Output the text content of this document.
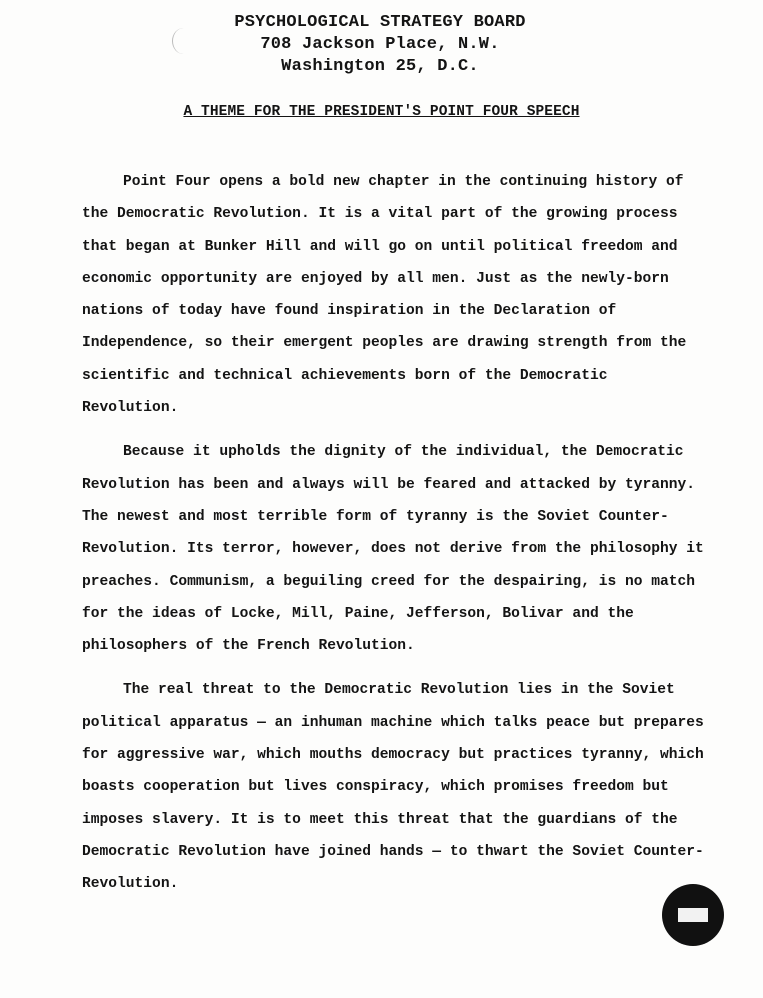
PSYCHOLOGICAL STRATEGY BOARD
708 Jackson Place, N.W.
Washington 25, D.C.
A THEME FOR THE PRESIDENT'S POINT FOUR SPEECH

Point Four opens a bold new chapter in the continuing history of the Democratic Revolution. It is a vital part of the growing process that began at Bunker Hill and will go on until political freedom and economic opportunity are enjoyed by all men. Just as the newly-born nations of today have found inspiration in the Declaration of Independence, so their emergent peoples are drawing strength from the scientific and technical achievements born of the Democratic Revolution.

Because it upholds the dignity of the individual, the Democratic Revolution has been and always will be feared and attacked by tyranny. The newest and most terrible form of tyranny is the Soviet Counter-Revolution. Its terror, however, does not derive from the philosophy it preaches. Communism, a beguiling creed for the despairing, is no match for the ideas of Locke, Mill, Paine, Jefferson, Bolivar and the philosophers of the French Revolution.

The real threat to the Democratic Revolution lies in the Soviet political apparatus — an inhuman machine which talks peace but prepares for aggressive war, which mouths democracy but practices tyranny, which boasts cooperation but lives conspiracy, which promises freedom but imposes slavery. It is to meet this threat that the guardians of the Democratic Revolution have joined hands — to thwart the Soviet Counter-Revolution.
